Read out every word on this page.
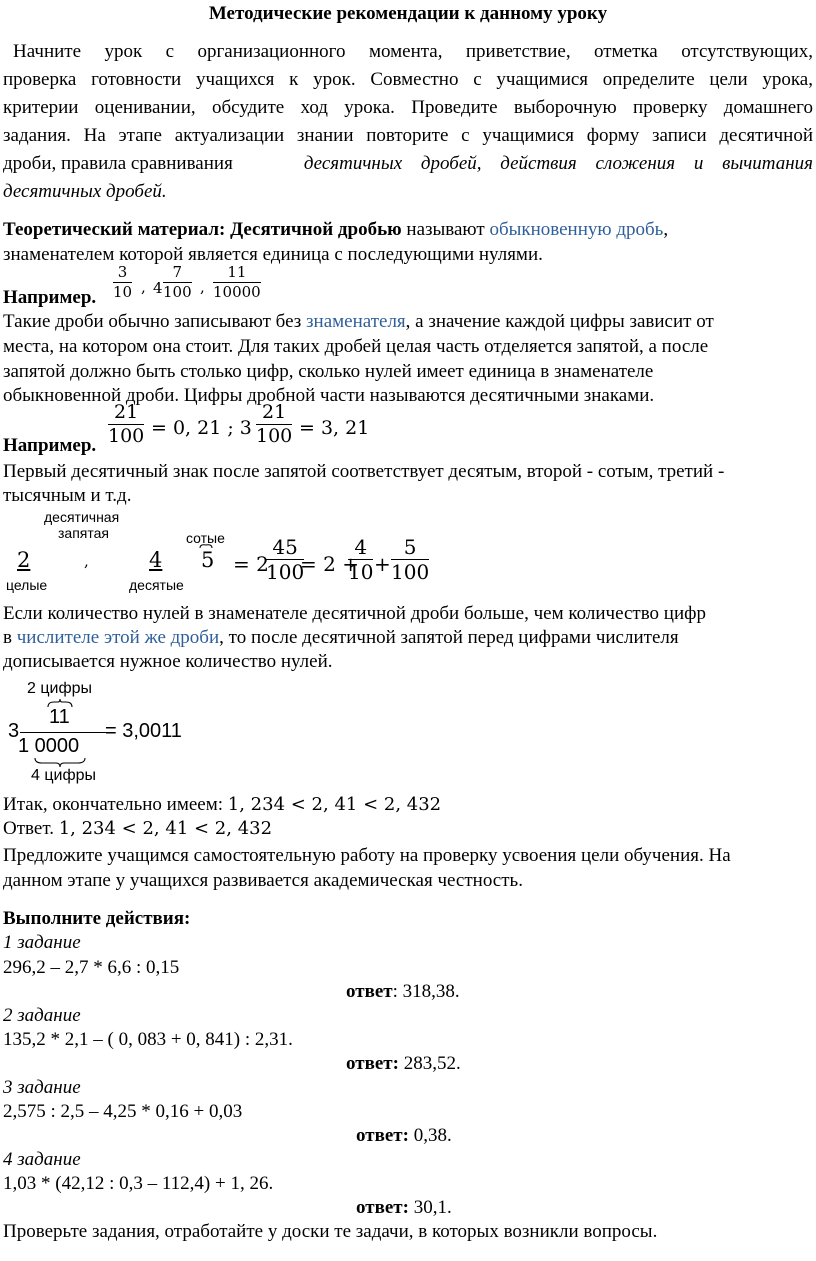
Методические рекомендации к данному уроку
Начните урок с организационного момента, приветствие, отметка отсутствующих,
проверка готовности учащихся к урок. Совместно с учащимися определите цели урока,
критерии оценивании, обсудите ход урока. Проведите выборочную проверку домашнего
задания. На этапе актуализации знании повторите с учащимися форму записи десятичной
дроби, правила сравнивания	десятичных дробей, действия сложения и вычитания
десятичных дробей.
Теоретический материал: Десятичной дробью называют обыкновенную дробь,
знаменателем которой является единица с последующими нулями.
Например.
3
10 , 4
7
100 ,
11
10000
Такие дроби обычно записывают без знаменателя, а значение каждой цифры зависит от
места, на котором она стоит. Для таких дробей целая часть отделяется запятой, а после
запятой должно быть столько цифр, сколько нулей имеет единица в знаменателе
обыкновенной дроби. Цифры дробной части называются десятичными знаками.
Например.
21
100 = 0, 21 ; 3
21
100 = 3, 21
Первый десятичный знак после запятой соответствует десятым, второй - сотым, третий -
тысячным и т.д.
десятичная
запятая	сотые
2	,	4 5
целые	десятые
= 2
45
100
= 2 +
4
10 +
5
100
Если количество нулей в знаменателе десятичной дроби больше, чем количество цифр
в числителе этой же дроби, то после десятичной запятой перед цифрами числителя
дописывается нужное количество нулей.
2 цифры
3
11
1 0000
= 3,0011
4 цифры
Итак, окончательно имеем: 1, 234 < 2, 41 < 2, 432
Ответ. 1, 234 < 2, 41 < 2, 432
Предложите учащимся самостоятельную работу на проверку усвоения цели обучения. На
данном этапе у учащихся развивается академическая честность.
Выполните действия:
1 задание
296,2 – 2,7 * 6,6 : 0,15
ответ: 318,38.
2 задание
135,2 * 2,1 – ( 0, 083 + 0, 841) : 2,31.
ответ: 283,52.
3 задание
2,575 : 2,5 – 4,25 * 0,16 + 0,03
ответ: 0,38.
4 задание
1,03 * (42,12 : 0,3 – 112,4) + 1, 26.
ответ: 30,1.
Проверьте задания, отработайте у доски те задачи, в которых возникли вопросы.
